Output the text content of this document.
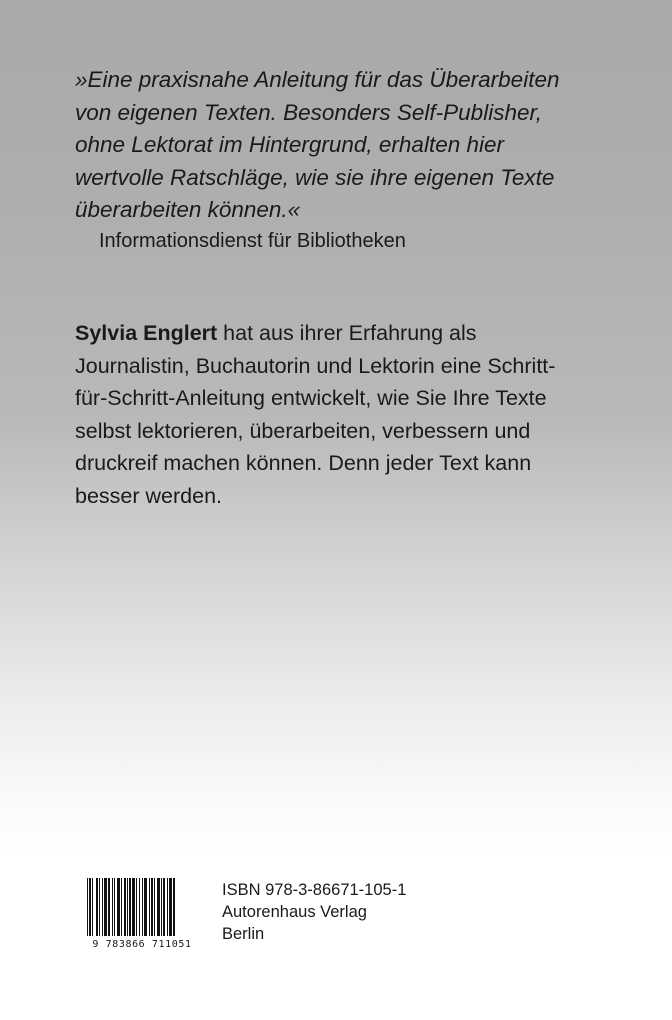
»Eine praxisnahe Anleitung für das Überarbeiten
von eigenen Texten. Besonders Self-Publisher,
ohne Lektorat im Hintergrund, erhalten hier
wertvolle Ratschläge, wie sie ihre eigenen Texte
überarbeiten können.«
Informationsdienst für Bibliotheken
Sylvia Englert hat aus ihrer Erfahrung als
Journalistin, Buchautorin und Lektorin eine Schritt-
für-Schritt-Anleitung entwickelt, wie Sie Ihre Texte
selbst lektorieren, überarbeiten, verbessern und
druckreif machen können. Denn jeder Text kann
besser werden.
9 783866 711051
ISBN 978-3-86671-105-1
Autorenhaus Verlag
Berlin
